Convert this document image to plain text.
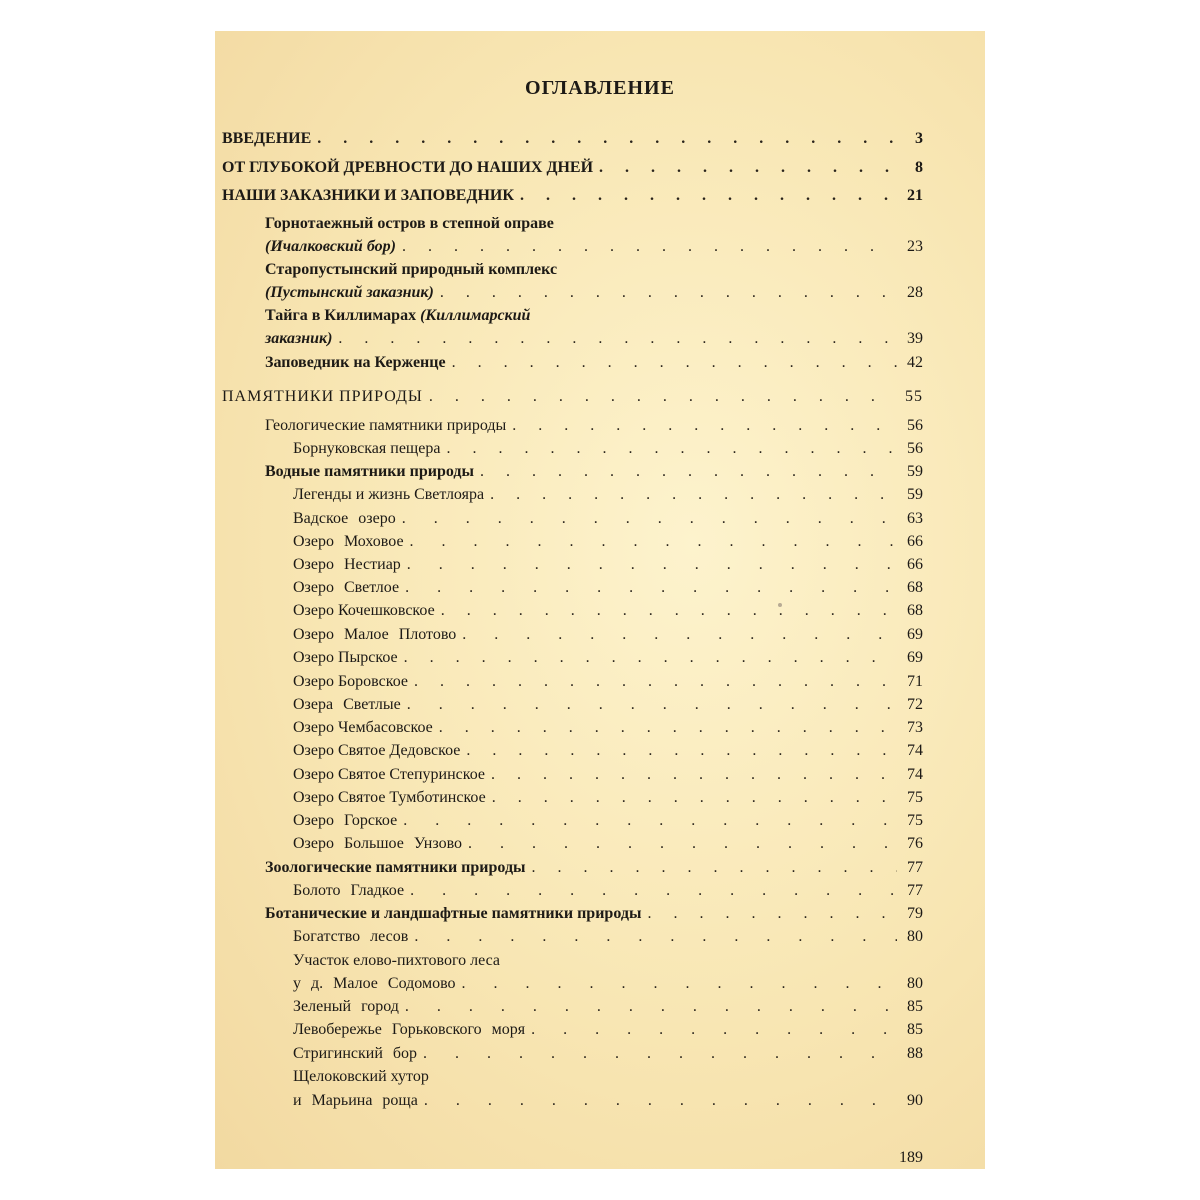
ОГЛАВЛЕНИЕ
ВВЕДЕНИЕ . . .	3
ОТ ГЛУБОКОЙ ДРЕВНОСТИ ДО НАШИХ ДНЕЙ . . .	8
НАШИ ЗАКАЗНИКИ И ЗАПОВЕДНИК . . .	21
Горнотаежный остров в степной оправе
(Ичалковский бор) . . .	23
Старопустынский природный комплекс
(Пустынский заказник) . . .	28
Тайга в Киллимарах (Киллимарский
заказник) . . .	39
Заповедник на Керженце . . .	42
ПАМЯТНИКИ ПРИРОДЫ . . .	55
Геологические памятники природы . . .	56
Борнуковская пещера . . .	56
Водные памятники природы . . .	59
Легенды и жизнь Светлояра . . .	59
Вадское озеро . . .	63
Озеро Моховое . . .	66
Озеро Нестиар . . .	66
Озеро Светлое . . .	68
Озеро Кочешковское . . .	68
Озеро Малое Плотово . . .	69
Озеро Пырское . . .	69
Озеро Боровское . . .	71
Озера Светлые . . .	72
Озеро Чембасовское . . .	73
Озеро Святое Дедовское . . .	74
Озеро Святое Степуринское . . .	74
Озеро Святое Тумботинское . . .	75
Озеро Горское . . .	75
Озеро Большое Унзово . . .	76
Зоологические памятники природы . . .	77
Болото Гладкое . . .	77
Ботанические и ландшафтные памятники природы . . .	79
Богатство лесов . . .	80
Участок елово-пихтового леса
у д. Малое Содомово . . .	80
Зеленый город . . .	85
Левобережье Горьковского моря . . .	85
Стригинский бор . . .	88
Щелоковский хутор
и Марьина роща . . .	90
189
